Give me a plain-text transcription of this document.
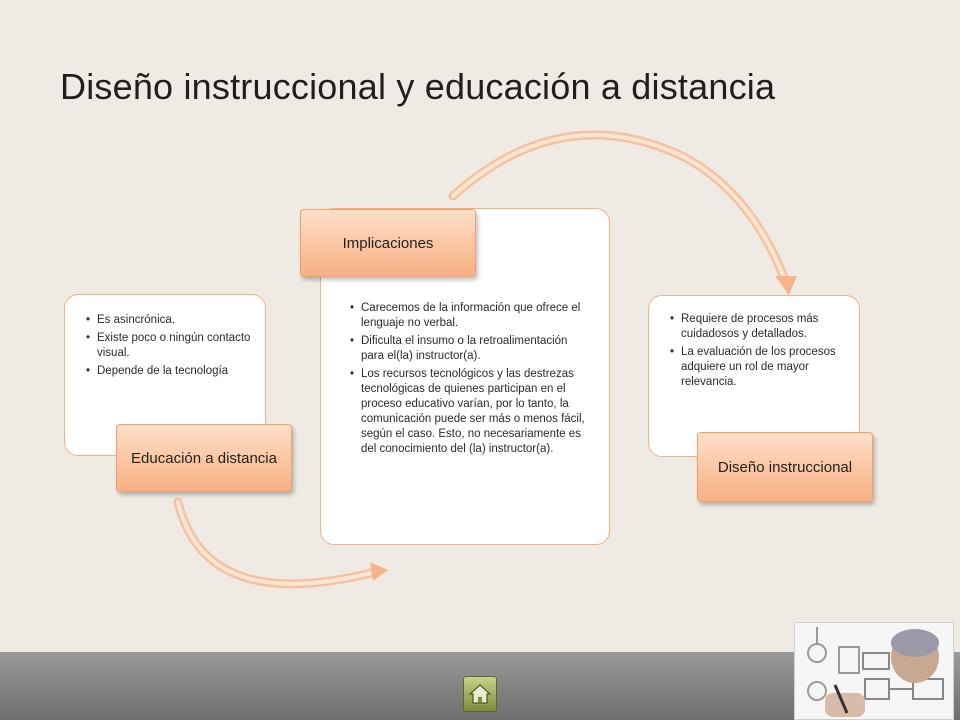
Diseño instruccional y educación a distancia
• Es asincrónica.
• Existe poco o ningún contacto visual.
• Depende de la tecnología
Educación a distancia
• Carecemos de la información que ofrece el lenguaje no verbal.
• Dificulta el insumo o la retroalimentación para el(la) instructor(a).
• Los recursos tecnológicos y las destrezas tecnológicas de quienes participan en el proceso educativo varían, por lo tanto, la comunicación puede ser más o menos fácil, según el caso. Esto, no necesariamente es del conocimiento del (la) instructor(a).
Implicaciones
• Requiere de procesos más cuidadosos y detallados.
• La evaluación de los procesos adquiere un rol de mayor relevancia.
Diseño instruccional
